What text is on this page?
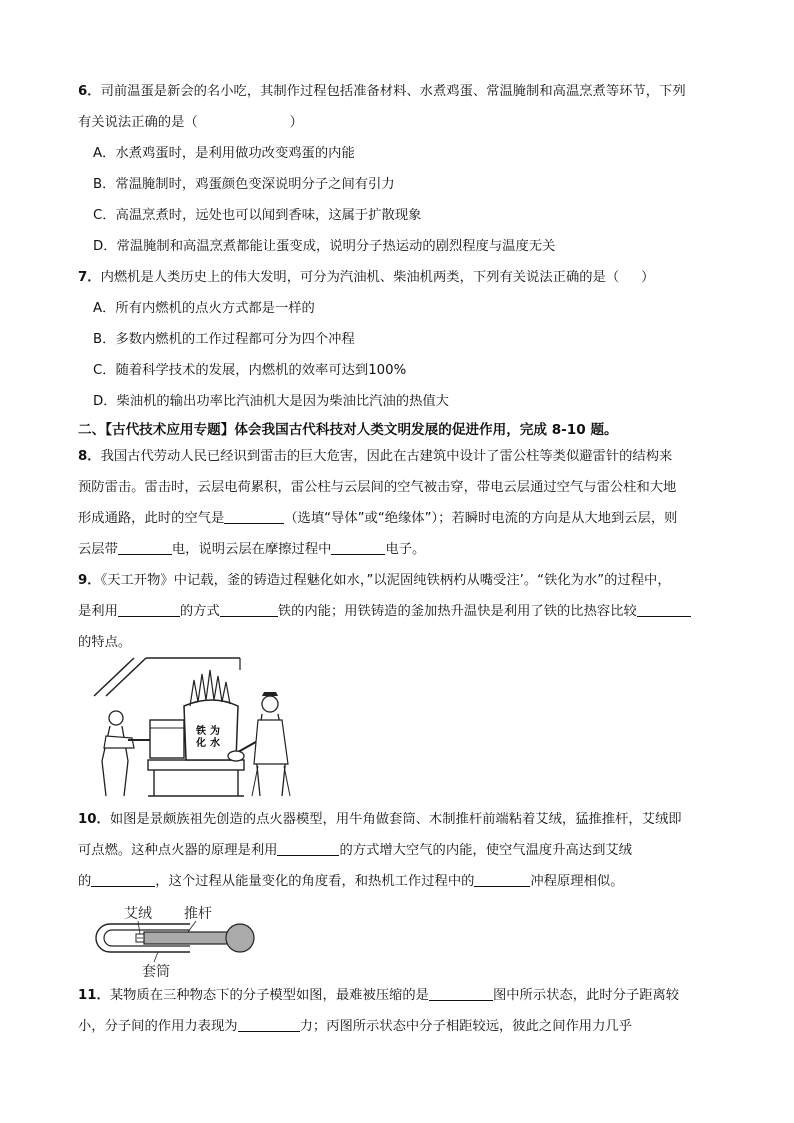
6．司前温蛋是新会的名小吃，其制作过程包括准备材料、水煮鸡蛋、常温腌制和高温烹煮等环节，下列
有关说法正确的是（	）
A．水煮鸡蛋时，是利用做功改变鸡蛋的内能
B．常温腌制时，鸡蛋颜色变深说明分子之间有引力
C．高温烹煮时，远处也可以闻到香味，这属于扩散现象
D．常温腌制和高温烹煮都能让蛋变成，说明分子热运动的剧烈程度与温度无关
7．内燃机是人类历史上的伟大发明，可分为汽油机、柴油机两类，下列有关说法正确的是（ ）
A．所有内燃机的点火方式都是一样的
B．多数内燃机的工作过程都可分为四个冲程
C．随着科学技术的发展，内燃机的效率可达到100%
D．柴油机的输出功率比汽油机大是因为柴油比汽油的热值大
二、【古代技术应用专题】体会我国古代科技对人类文明发展的促进作用，完成 8-10 题。
8．我国古代劳动人民已经识到雷击的巨大危害，因此在古建筑中设计了雷公柱等类似避雷针的结构来
预防雷击。雷击时，云层电荷累积，雷公柱与云层间的空气被击穿，带电云层通过空气与雷公柱和大地
形成通路，此时的空气是	（选填“导体”或“绝缘体”）；若瞬时电流的方向是从大地到云层，则
云层带	电，说明云层在摩擦过程中	电子。
9．《天工开物》中记载，釜的铸造过程魅化如水，”以泥固纯铁柄杓从嘴受注’。“铁化为水”的过程中，
是利用	的方式	铁的内能；用铁铸造的釜加热升温快是利用了铁的比热容比较
的特点。
铁
化
为
水
10．如图是景颇族祖先创造的点火器模型，用牛角做套筒、木制推杆前端粘着艾绒，猛推推杆，艾绒即
可点燃。这种点火器的原理是利用	的方式增大空气的内能，使空气温度升高达到艾绒
的	，这个过程从能量变化的角度看，和热机工作过程中的	冲程原理相似。
艾绒 推杆
套筒
11．某物质在三种物态下的分子模型如图，最难被压缩的是	图中所示状态，此时分子距离较
小，分子间的作用力表现为	力；丙图所示状态中分子相距较远，彼此之间作用力几乎
